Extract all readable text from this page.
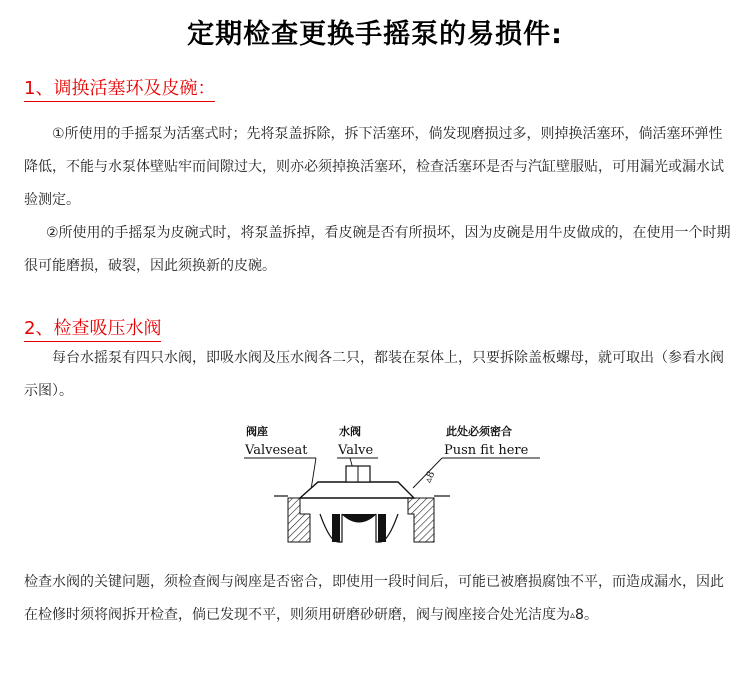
定期检查更换手摇泵的易损件:
1、调换活塞环及皮碗：

①所使用的手摇泵为活塞式时；先将泵盖拆除，拆下活塞环，倘发现磨损过多，则掉换活塞环，倘活塞环弹性降低，不能与水泵体壁贴牢而间隙过大，则亦必须掉换活塞环，检查活塞环是否与汽缸壁服贴，可用漏光或漏水试验测定。

②所使用的手摇泵为皮碗式时，将泵盖拆掉，看皮碗是否有所损坏，因为皮碗是用牛皮做成的，在使用一个时期很可能磨损，破裂，因此须换新的皮碗。

2、检查吸压水阀

每台水摇泵有四只水阀，即吸水阀及压水阀各二只，都装在泵体上，只要拆除盖板螺母，就可取出（参看水阀示图）。

阀座
Valveseat
水阀
Valve
此处必须密合
Pusn fit here
▵8

检查水阀的关键问题，须检查阀与阀座是否密合，即使用一段时间后，可能已被磨损腐蚀不平，而造成漏水，因此在检修时须将阀拆开检查，倘已发现不平，则须用研磨砂研磨，阀与阀座接合处光洁度为▵8。
